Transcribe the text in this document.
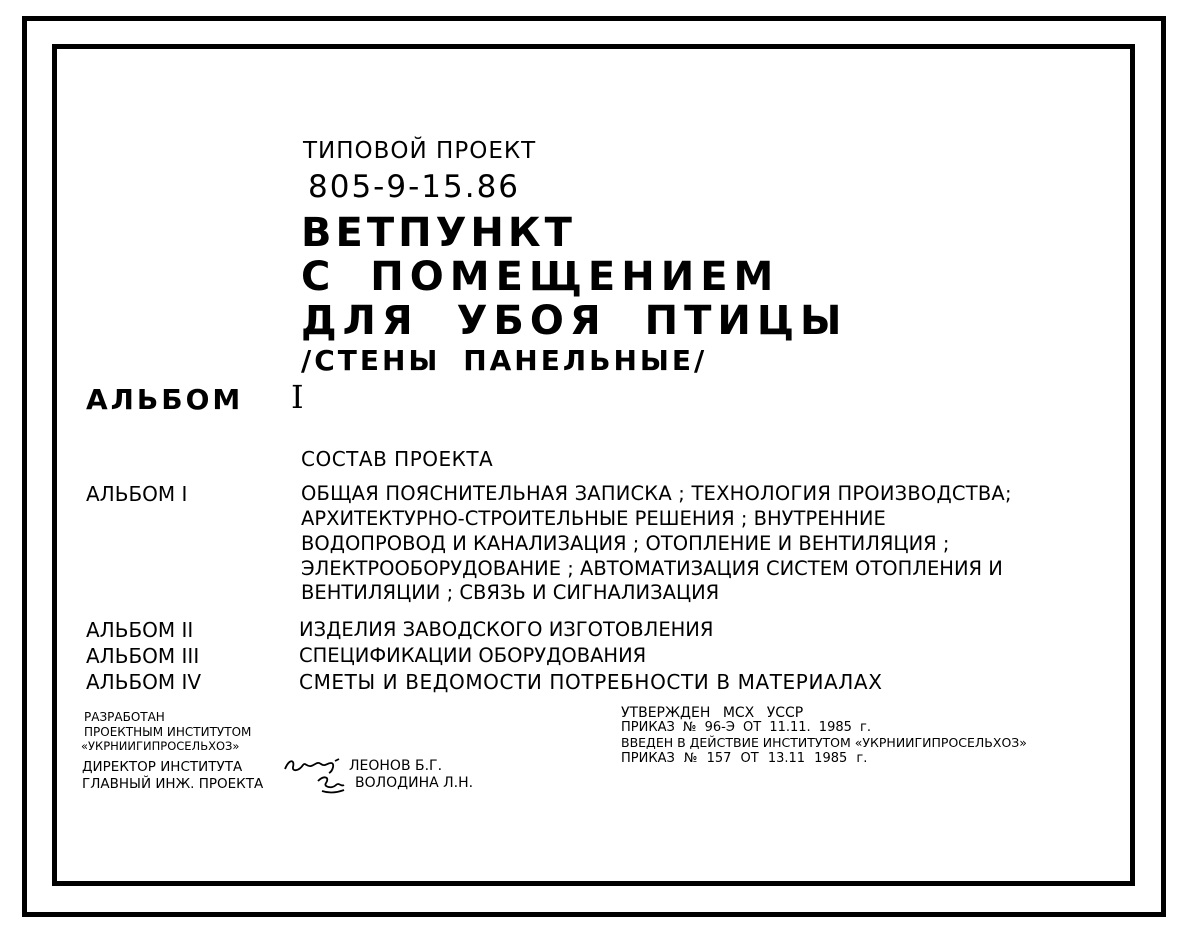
ТИПОВОЙ ПРОЕКТ
805-9-15.86
ВЕТПУНКТ
С ПОМЕЩЕНИЕМ
ДЛЯ УБОЯ ПТИЦЫ
/СТЕНЫ ПАНЕЛЬНЫЕ/
АЛЬБОМ I
СОСТАВ ПРОЕКТА
АЛЬБОМ I	ОБЩАЯ ПОЯСНИТЕЛЬНАЯ ЗАПИСКА ; ТЕХНОЛОГИЯ ПРОИЗВОДСТВА;
АРХИТЕКТУРНО-СТРОИТЕЛЬНЫЕ РЕШЕНИЯ ; ВНУТРЕННИЕ
ВОДОПРОВОД И КАНАЛИЗАЦИЯ ; ОТОПЛЕНИЕ И ВЕНТИЛЯЦИЯ ;
ЭЛЕКТРООБОРУДОВАНИЕ ; АВТОМАТИЗАЦИЯ СИСТЕМ ОТОПЛЕНИЯ И
ВЕНТИЛЯЦИИ ; СВЯЗЬ И СИГНАЛИЗАЦИЯ
АЛЬБОМ II	ИЗДЕЛИЯ ЗАВОДСКОГО ИЗГОТОВЛЕНИЯ
АЛЬБОМ III	СПЕЦИФИКАЦИИ ОБОРУДОВАНИЯ
АЛЬБОМ IV	СМЕТЫ И ВЕДОМОСТИ ПОТРЕБНОСТИ В МАТЕРИАЛАХ
РАЗРАБОТАН
ПРОЕКТНЫМ ИНСТИТУТОМ
«УКРНИИГИПРОСЕЛЬХОЗ»
ДИРЕКТОР ИНСТИТУТА	ЛЕОНОВ Б.Г.
ГЛАВНЫЙ ИНЖ. ПРОЕКТА	ВОЛОДИНА Л.Н.
УТВЕРЖДЕН МСХ УССР
ПРИКАЗ № 96-Э ОТ 11.11. 1985 г.
ВВЕДЕН В ДЕЙСТВИЕ ИНСТИТУТОМ «УКРНИИГИПРОСЕЛЬХОЗ»
ПРИКАЗ № 157 ОТ 13.11 1985 г.
